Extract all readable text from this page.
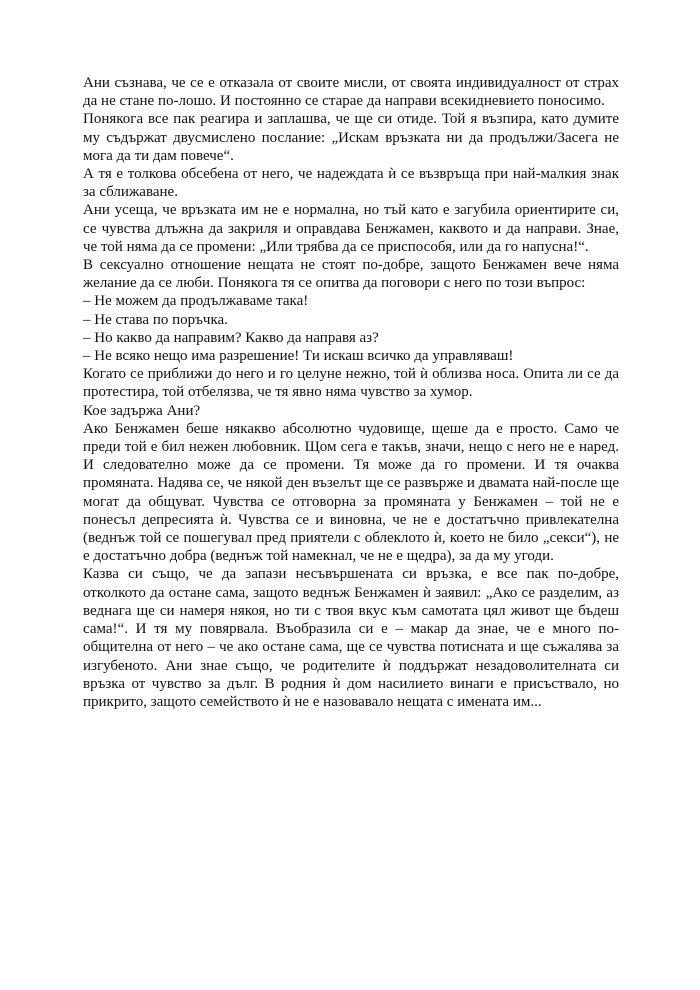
Ани съзнава, че се е отказала от своите мисли, от своята индивидуалност от страх да не стане по-лошо. И постоянно се старае да направи всекидневието поносимо.

Понякога все пак реагира и заплашва, че ще си отиде. Той я възпира, като думите му съдържат двусмислено послание: „Искам връзката ни да продължи/Засега не мога да ти дам повече“.

А тя е толкова обсебена от него, че надеждата ѝ се възвръща при най-малкия знак за сближаване.

Ани усеща, че връзката им не е нормална, но тъй като е загубила ориентирите си, се чувства длъжна да закриля и оправдава Бенжамен, каквото и да направи. Знае, че той няма да се промени: „Или трябва да се приспособя, или да го напусна!“.

В сексуално отношение нещата не стоят по-добре, защото Бенжамен вече няма желание да се люби. Понякога тя се опитва да поговори с него по този въпрос:

– Не можем да продължаваме така!

– Не става по поръчка.

– Но какво да направим? Какво да направя аз?

– Не всяко нещо има разрешение! Ти искаш всичко да управляваш!

Когато се приближи до него и го целуне нежно, той ѝ облизва носа. Опита ли се да протестира, той отбелязва, че тя явно няма чувство за хумор.

Кое задържа Ани?

Ако Бенжамен беше някакво абсолютно чудовище, щеше да е просто. Само че преди той е бил нежен любовник. Щом сега е такъв, значи, нещо с него не е наред. И следователно може да се промени. Тя може да го промени. И тя очаква промяната. Надява се, че някой ден възелът ще се развърже и двамата най-после ще могат да общуват. Чувства се отговорна за промяната у Бенжамен – той не е понесъл депресията ѝ. Чувства се и виновна, че не е достатъчно привлекателна (веднъж той се пошегувал пред приятели с облеклото ѝ, което не било „секси“), не е достатъчно добра (веднъж той намекнал, че не е щедра), за да му угоди.

Казва си също, че да запази несъвършената си връзка, е все пак по-добре, отколкото да остане сама, защото веднъж Бенжамен ѝ заявил: „Ако се разделим, аз веднага ще си намеря някоя, но ти с твоя вкус към самотата цял живот ще бъдеш сама!“. И тя му повярвала. Въобразила си е – макар да знае, че е много по-общителна от него – че ако остане сама, ще се чувства потисната и ще съжалява за изгубеното. Ани знае също, че родителите ѝ поддържат незадоволителната си връзка от чувство за дълг. В родния ѝ дом насилието винаги е присъствало, но прикрито, защото семейството ѝ не е назовавало нещата с имената им...
